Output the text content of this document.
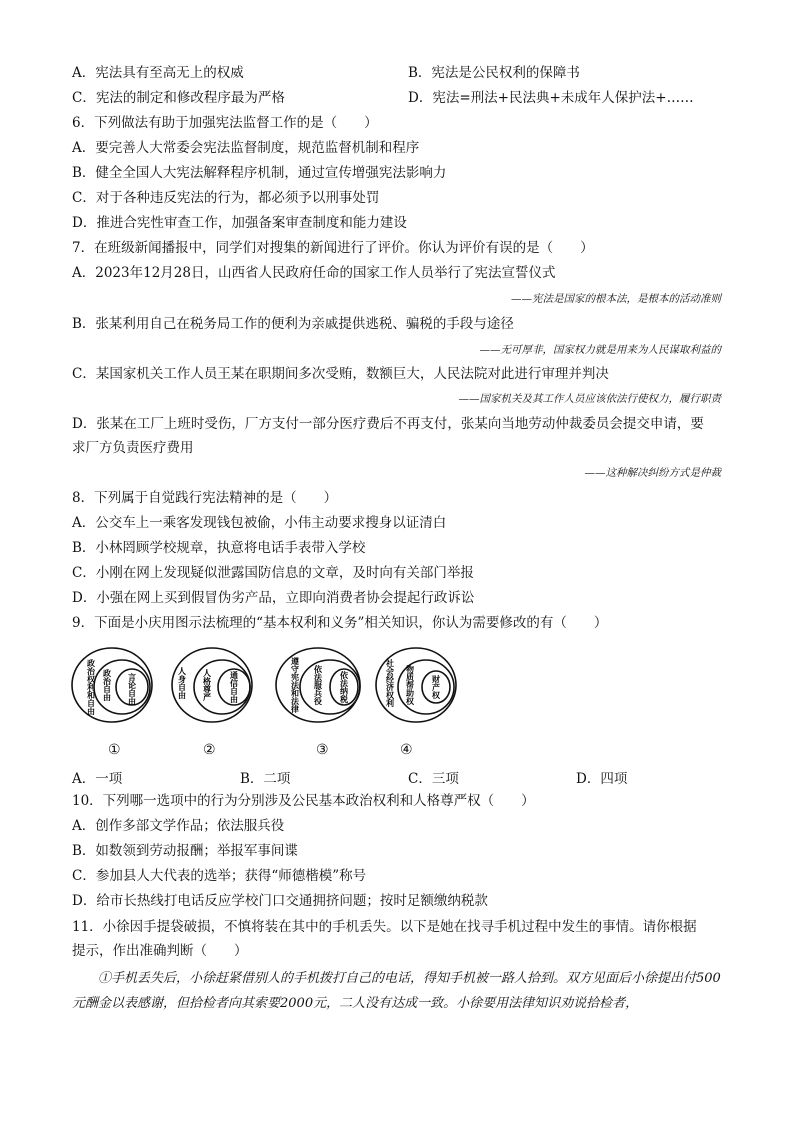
A．宪法具有至高无上的权威	B．宪法是公民权利的保障书
C．宪法的制定和修改程序最为严格	D．宪法=刑法+民法典+未成年人保护法+……
6．下列做法有助于加强宪法监督工作的是（　　）
A．要完善人大常委会宪法监督制度，规范监督机制和程序
B．健全全国人大宪法解释程序机制，通过宣传增强宪法影响力
C．对于各种违反宪法的行为，都必须予以刑事处罚
D．推进合宪性审查工作，加强备案审查制度和能力建设
7．在班级新闻播报中，同学们对搜集的新闻进行了评价。你认为评价有误的是（　　）
A．2023年12月28日，山西省人民政府任命的国家工作人员举行了宪法宣誓仪式
——宪法是国家的根本法，是根本的活动准则
B．张某利用自己在税务局工作的便利为亲戚提供逃税、骗税的手段与途径
——无可厚非，国家权力就是用来为人民谋取利益的
C．某国家机关工作人员王某在职期间多次受贿，数额巨大，人民法院对此进行审理并判决
——国家机关及其工作人员应该依法行使权力，履行职责
D．张某在工厂上班时受伤，厂方支付一部分医疗费后不再支付，张某向当地劳动仲裁委员会提交申请，要
求厂方负责医疗费用
——这种解决纠纷方式是仲裁
8．下列属于自觉践行宪法精神的是（　　）
A．公交车上一乘客发现钱包被偷，小伟主动要求搜身以证清白
B．小林罔顾学校规章，执意将电话手表带入学校
C．小刚在网上发现疑似泄露国防信息的文章，及时向有关部门举报
D．小强在网上买到假冒伪劣产品，立即向消费者协会提起行政诉讼
9．下面是小庆用图示法梳理的“基本权利和义务”相关知识，你认为需要修改的有（　　）
政治权利和自由 政治自由 言论自由	人身自由 人格尊严 通信自由	遵守宪法和法律 依法服兵役 依法纳税	社会经济权利 物质帮助权 财产权
①	②	③	④
A．一项	B．二项	C．三项	D．四项
10．下列哪一选项中的行为分别涉及公民基本政治权利和人格尊严权（　　）
A．创作多部文学作品；依法服兵役
B．如数领到劳动报酬；举报军事间谍
C．参加县人大代表的选举；获得“师德楷模”称号
D．给市长热线打电话反应学校门口交通拥挤问题；按时足额缴纳税款
11．小徐因手提袋破损，不慎将装在其中的手机丢失。以下是她在找寻手机过程中发生的事情。请你根据
提示，作出准确判断（　　）
①手机丢失后，小徐赶紧借别人的手机拨打自己的电话，得知手机被一路人拾到。双方见面后小徐提出付500元酬金以表感谢，但拾检者向其索要2000元，二人没有达成一致。小徐要用法律知识劝说拾检者，
